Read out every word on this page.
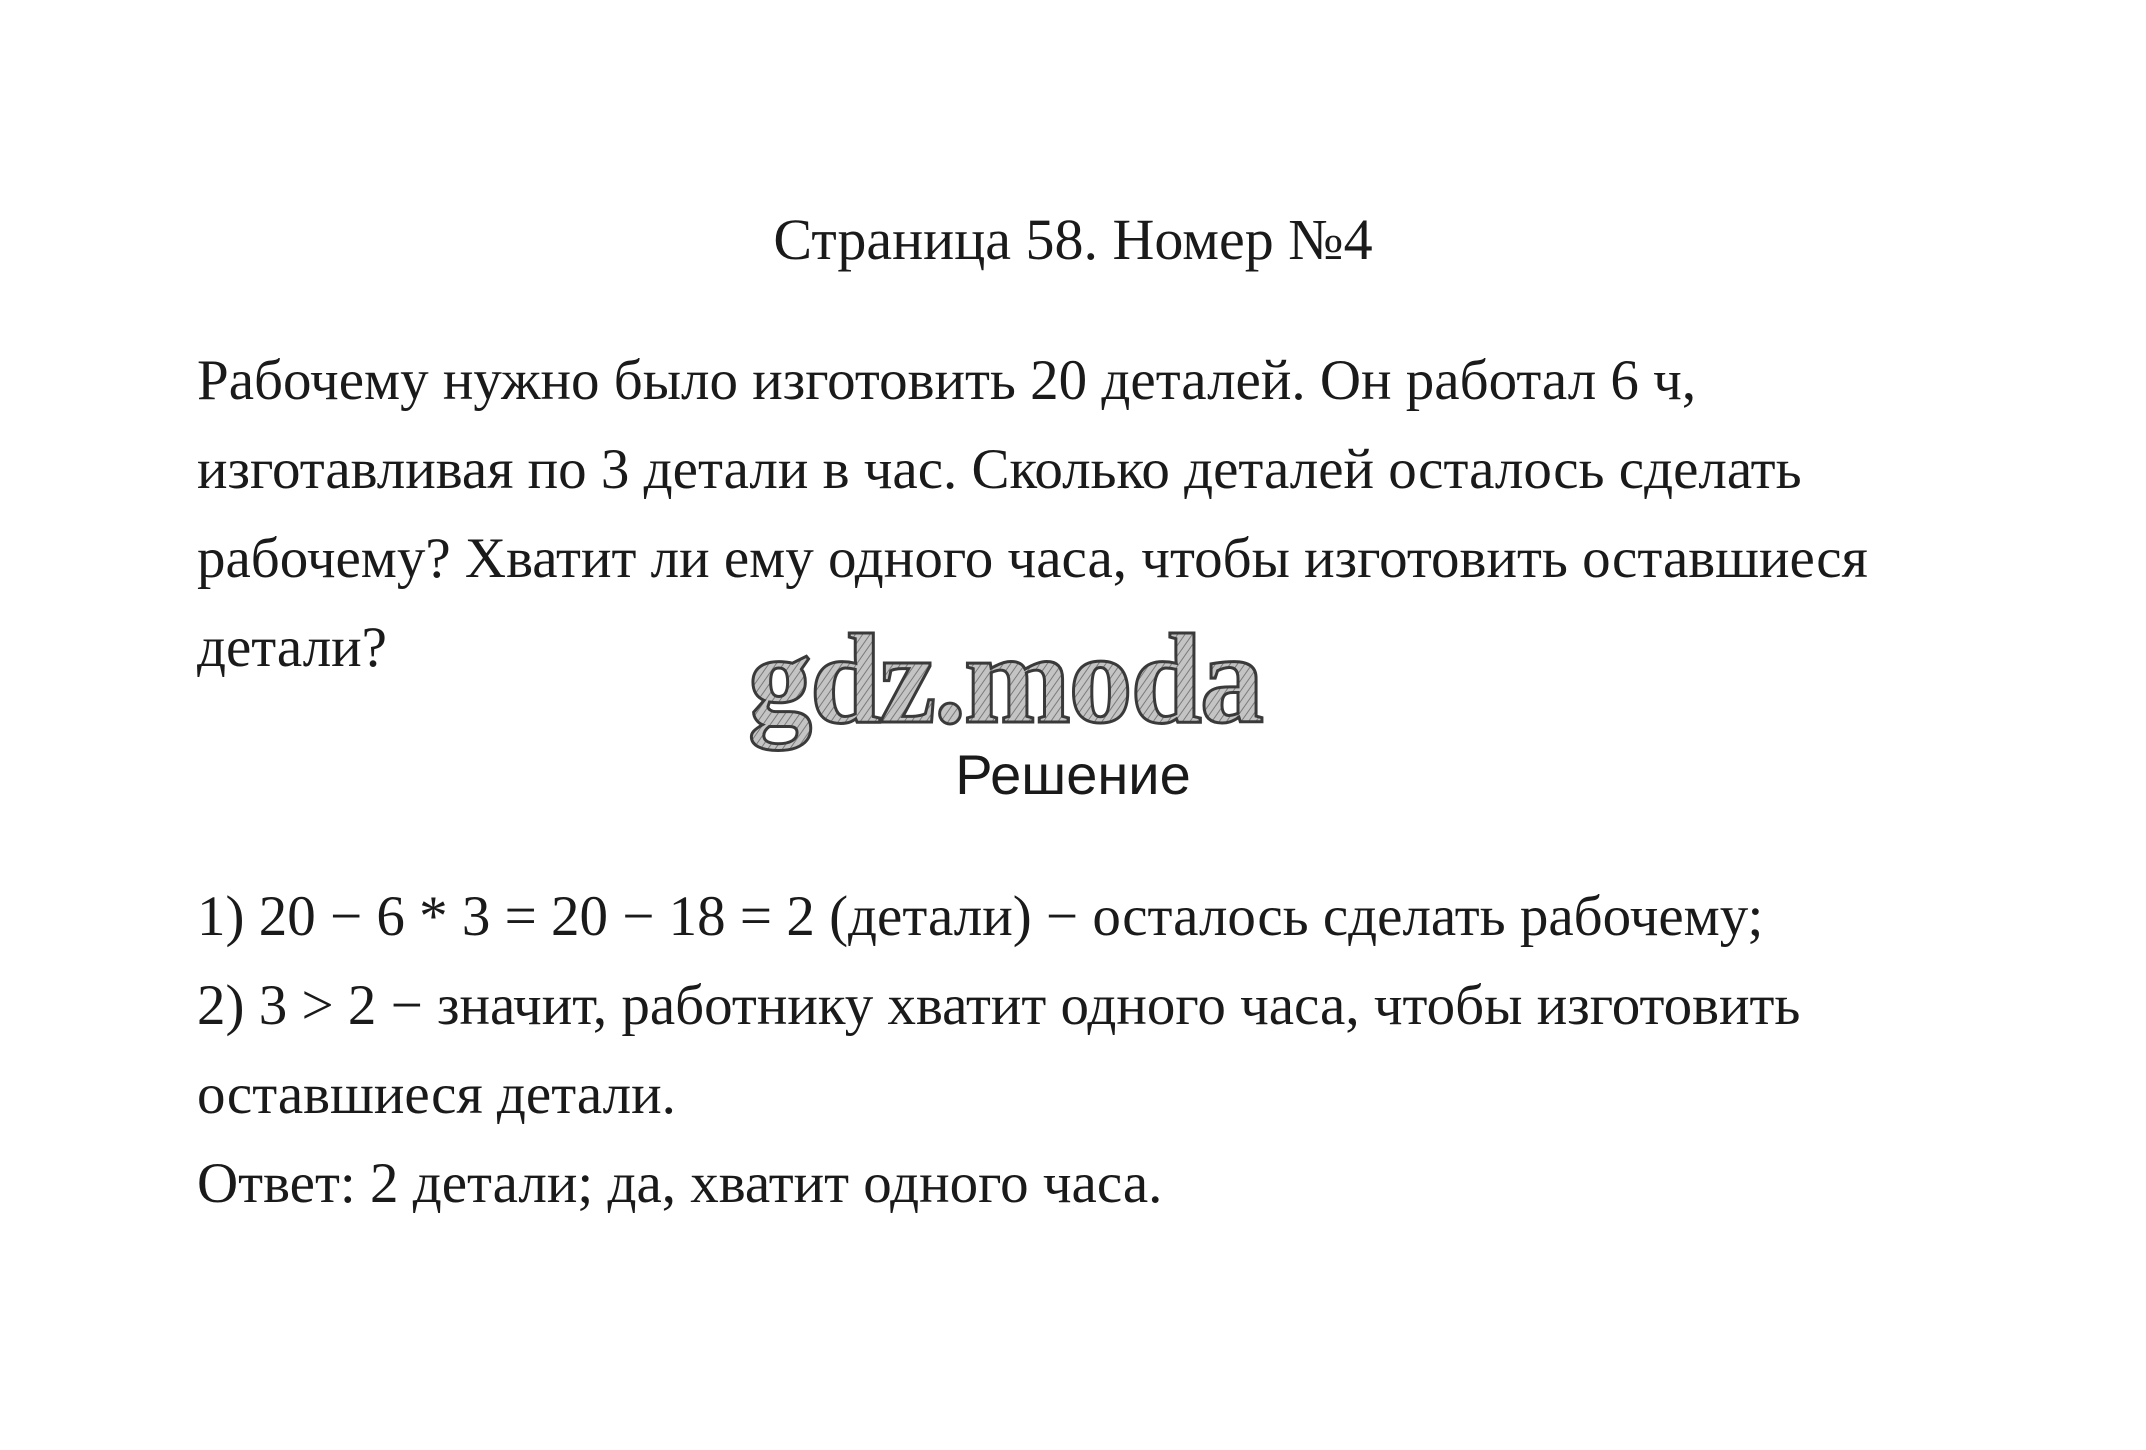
Страница 58. Номер №4
Рабочему нужно было изготовить 20 деталей. Он работал 6 ч,
изготавливая по 3 детали в час. Сколько деталей осталось сделать
рабочему? Хватит ли ему одного часа, чтобы изготовить оставшиеся
детали?	gdz.moda
Решение
1) 20 − 6 * 3 = 20 − 18 = 2 (детали) − осталось сделать рабочему;
2) 3 > 2 − значит, работнику хватит одного часа, чтобы изготовить
оставшиеся детали.
Ответ: 2 детали; да, хватит одного часа.
